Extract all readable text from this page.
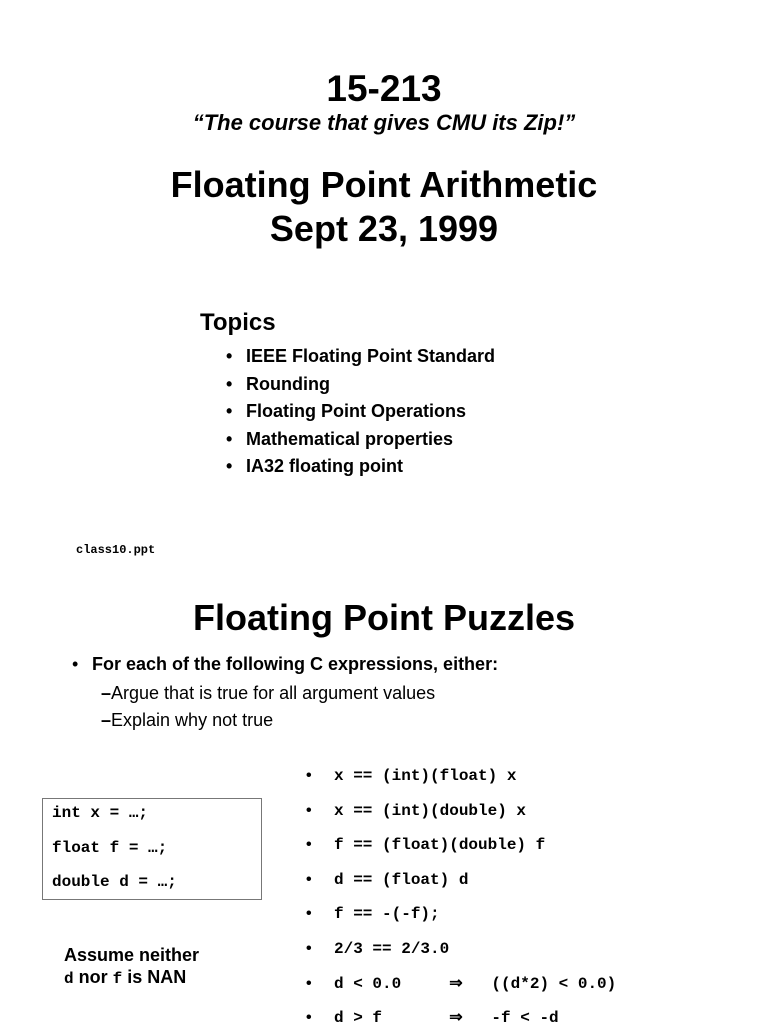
15-213
“The course that gives CMU its Zip!”
Floating Point Arithmetic
Sept 23, 1999
Topics
• IEEE Floating Point Standard
• Rounding
• Floating Point Operations
• Mathematical properties
• IA32 floating point
class10.ppt
Floating Point Puzzles
• For each of the following C expressions, either:
–Argue that is true for all argument values
–Explain why not true
int x = …;
float f = …;
double d = …;
Assume neither
d nor f is NAN
• x == (int)(float) x
• x == (int)(double) x
• f == (float)(double) f
• d == (float) d
• f == -(-f);
• 2/3 == 2/3.0
• d < 0.0     ⇒   ((d*2) < 0.0)
• d > f       ⇒   -f < -d
